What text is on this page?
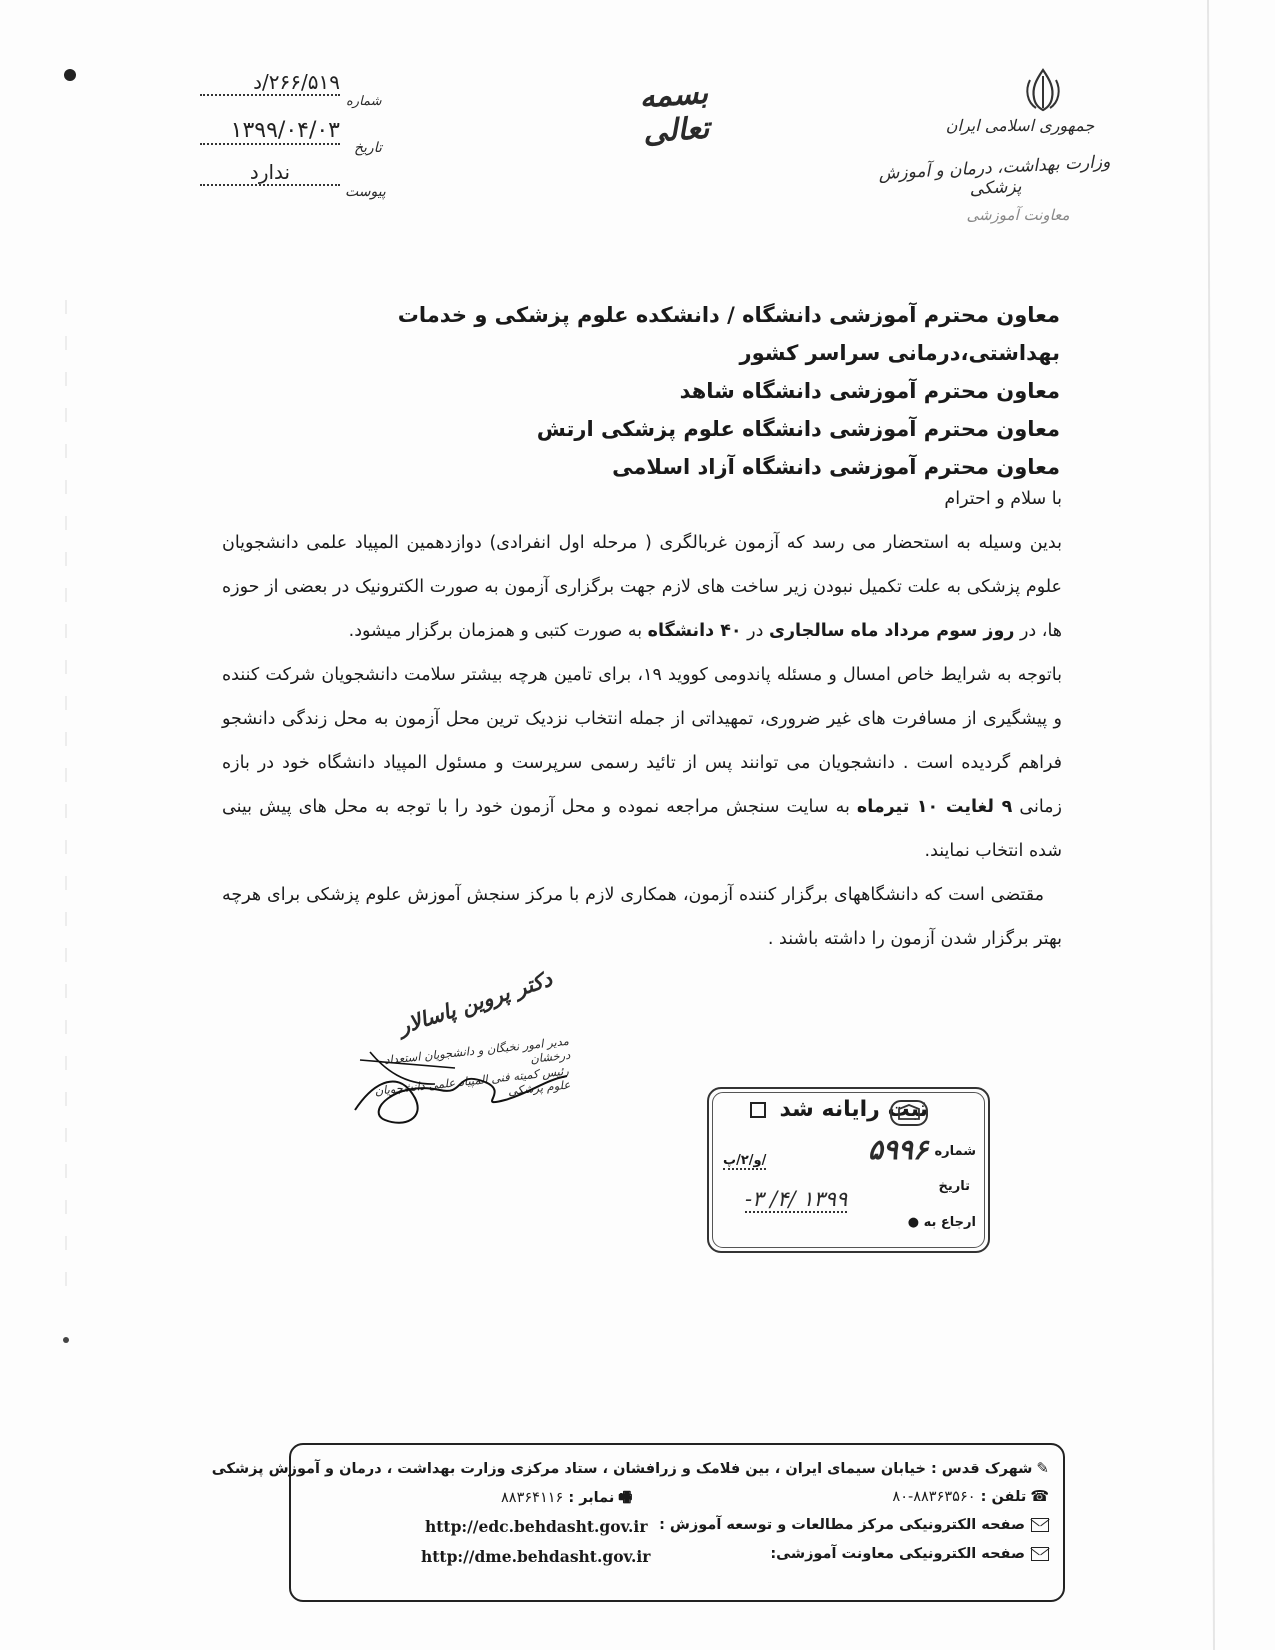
بسمه تعالی	جمهوری اسلامی ایران
وزارت بهداشت، درمان و آموزش پزشکی
معاونت آموزشی
۲۶۶/۵۱۹/د
شماره
۱۳۹۹/۰۴/۰۳
تاریخ
ندارد
پیوست
معاون محترم آموزشی دانشگاه / دانشکده علوم پزشکی و خدمات بهداشتی،درمانی سراسر کشور
معاون محترم آموزشی دانشگاه شاهد
معاون محترم آموزشی دانشگاه علوم پزشکی ارتش
معاون محترم آموزشی دانشگاه آزاد اسلامی

با سلام و احترام

بدین وسیله به استحضار می رسد که آزمون غربالگری ( مرحله اول انفرادی) دوازدهمین المپیاد علمی دانشجویان علوم پزشکی به علت تکمیل نبودن زیر ساخت های لازم جهت برگزاری آزمون به صورت الکترونیک در بعضی از حوزه ها، در روز سوم مرداد ماه سالجاری در ۴۰ دانشگاه به صورت کتبی و همزمان برگزار میشود.

باتوجه به شرایط خاص امسال و مسئله پاندومی کووید ۱۹، برای تامین هرچه بیشتر سلامت دانشجویان شرکت کننده و پیشگیری از مسافرت های غیر ضروری، تمهیداتی از جمله انتخاب نزدیک ترین محل آزمون به محل زندگی دانشجو فراهم گردیده است . دانشجویان می توانند پس از تائید رسمی سرپرست و مسئول المپیاد دانشگاه خود در بازه زمانی ۹ لغایت ۱۰ تیرماه به سایت سنجش مراجعه نموده و محل آزمون خود را با توجه به محل های پیش بینی شده انتخاب نمایند.

مقتضی است که دانشگاههای برگزار کننده آزمون، همکاری لازم با مرکز سنجش آموزش علوم پزشکی برای هرچه بهتر برگزار شدن آزمون را داشته باشند .

دکتر پروین پاسالار
مدیر امور نخبگان و دانشجویان استعداد درخشان
رئیس کمیته فنی المپیاد علمی دانشجویان علوم پزشکی
ثبت رایانه شد
شماره
۵۹۹۶
/و/۲/پ
تاریخ
۱۳۹۹ /۴/ ۳-
ارجاع به ●
✎شهرک قدس : خیابان سیمای ایران ، بین فلامک و زرافشان ، ستاد مرکزی وزارت بهداشت ، درمان و آموزش پزشکی
☎تلفن : ۸۸۳۶۳۵۶۰-۸۰
🖷نمابر : ۸۸۳۶۴۱۱۶
صفحه الکترونیکی مرکز مطالعات و توسعه آموزش :
http://edc.behdasht.gov.ir
صفحه الکترونیکی معاونت آموزشی:
http://dme.behdasht.gov.ir
